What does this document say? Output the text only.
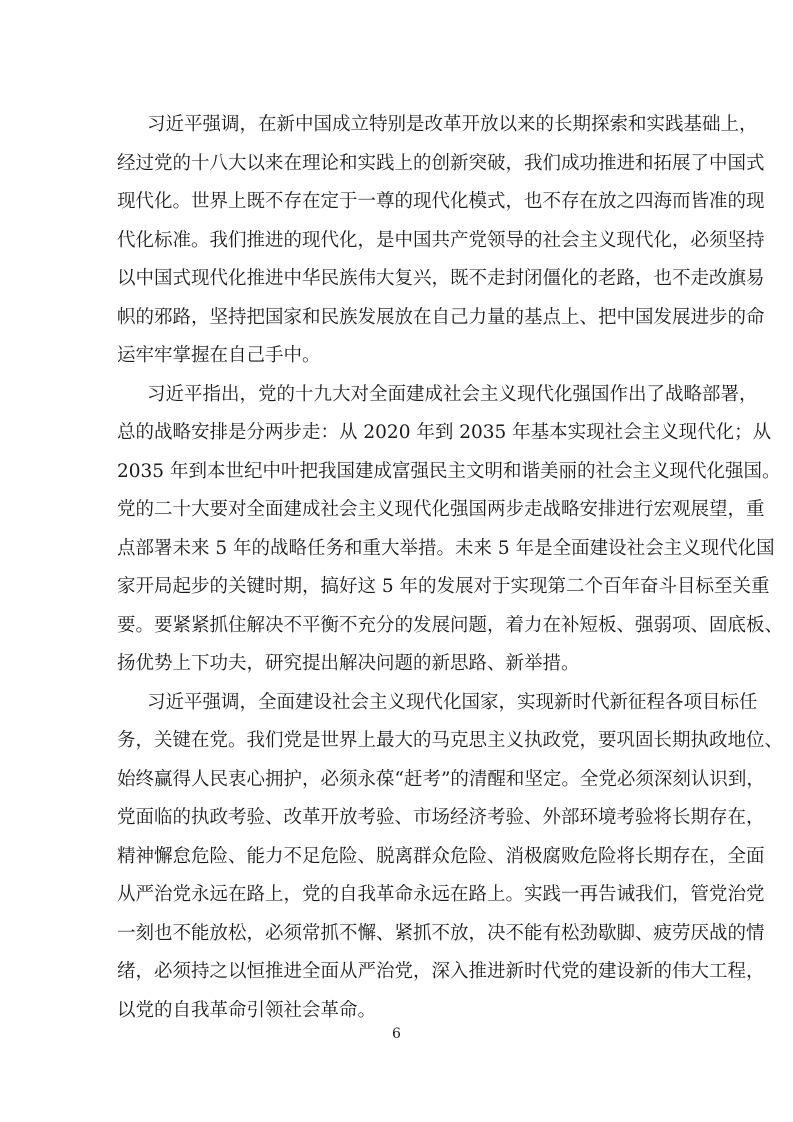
习近平强调，在新中国成立特别是改革开放以来的长期探索和实践基础上，
经过党的十八大以来在理论和实践上的创新突破，我们成功推进和拓展了中国式
现代化。世界上既不存在定于一尊的现代化模式，也不存在放之四海而皆准的现
代化标准。我们推进的现代化，是中国共产党领导的社会主义现代化，必须坚持
以中国式现代化推进中华民族伟大复兴，既不走封闭僵化的老路，也不走改旗易
帜的邪路，坚持把国家和民族发展放在自己力量的基点上、把中国发展进步的命
运牢牢掌握在自己手中。
习近平指出，党的十九大对全面建成社会主义现代化强国作出了战略部署，
总的战略安排是分两步走：从 2020 年到 2035 年基本实现社会主义现代化；从
2035 年到本世纪中叶把我国建成富强民主文明和谐美丽的社会主义现代化强国。
党的二十大要对全面建成社会主义现代化强国两步走战略安排进行宏观展望，重
点部署未来 5 年的战略任务和重大举措。未来 5 年是全面建设社会主义现代化国
家开局起步的关键时期，搞好这 5 年的发展对于实现第二个百年奋斗目标至关重
要。要紧紧抓住解决不平衡不充分的发展问题，着力在补短板、强弱项、固底板、
扬优势上下功夫，研究提出解决问题的新思路、新举措。
习近平强调，全面建设社会主义现代化国家，实现新时代新征程各项目标任
务，关键在党。我们党是世界上最大的马克思主义执政党，要巩固长期执政地位、
始终赢得人民衷心拥护，必须永葆“赶考”的清醒和坚定。全党必须深刻认识到，
党面临的执政考验、改革开放考验、市场经济考验、外部环境考验将长期存在，
精神懈怠危险、能力不足危险、脱离群众危险、消极腐败危险将长期存在，全面
从严治党永远在路上，党的自我革命永远在路上。实践一再告诫我们，管党治党
一刻也不能放松，必须常抓不懈、紧抓不放，决不能有松劲歇脚、疲劳厌战的情
绪，必须持之以恒推进全面从严治党，深入推进新时代党的建设新的伟大工程，
以党的自我革命引领社会革命。
6
